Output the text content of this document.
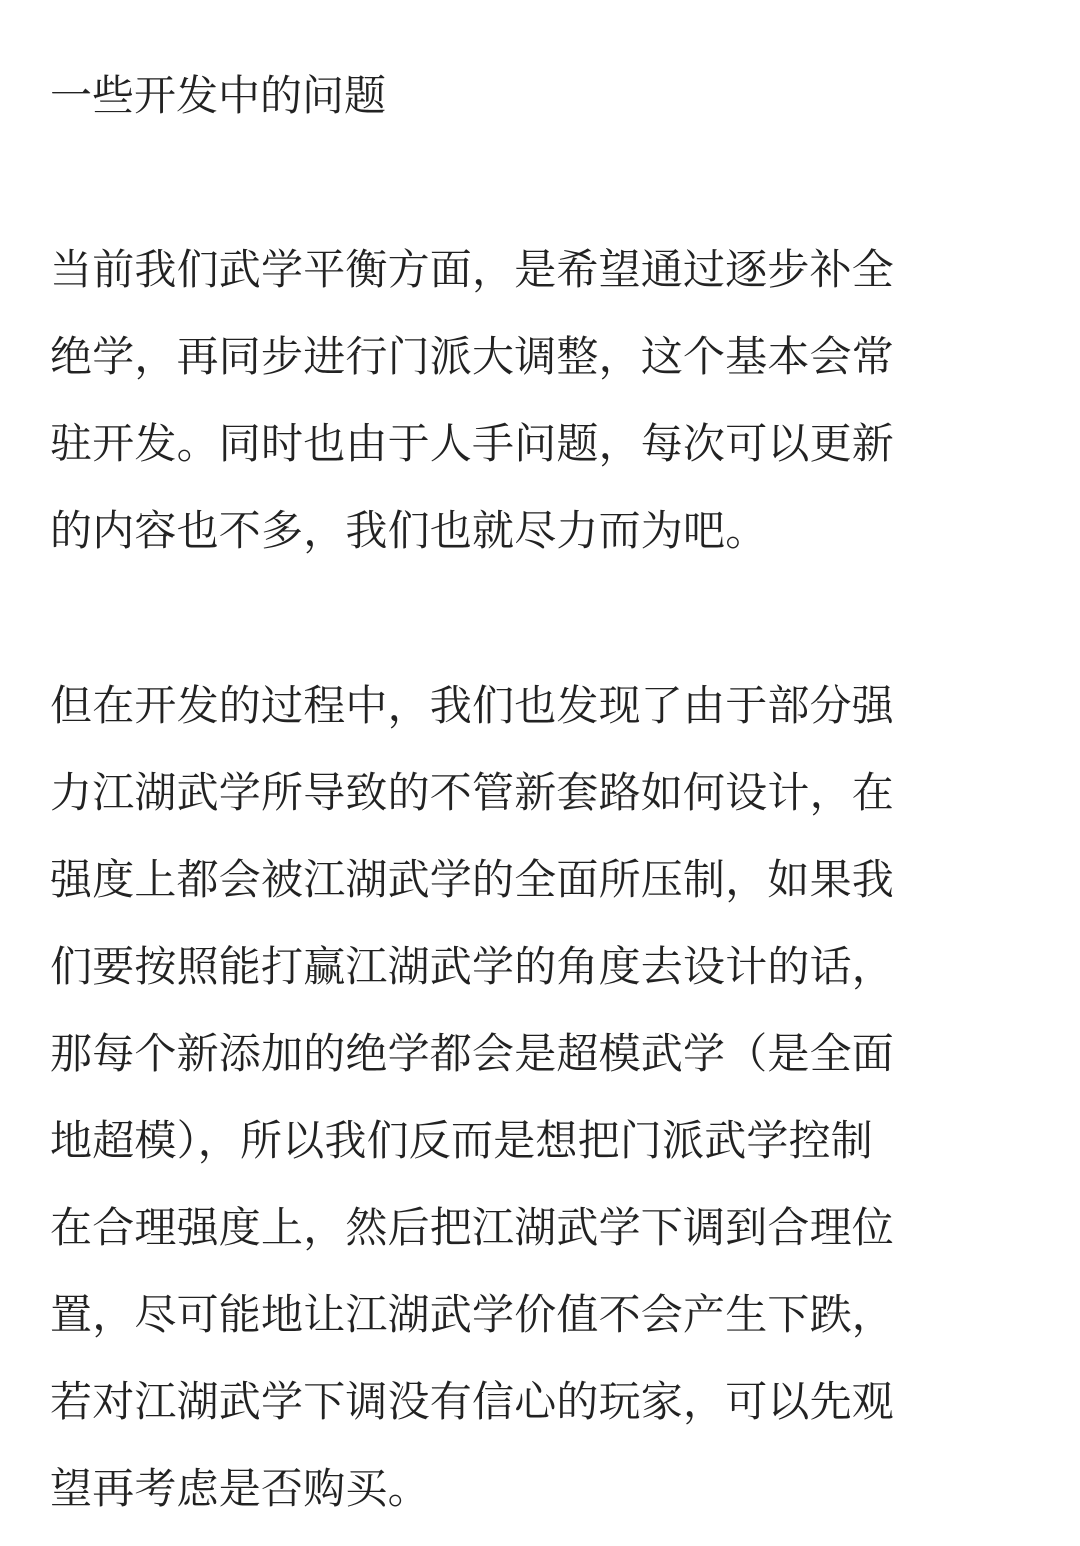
一些开发中的问题
当前我们武学平衡方面，是希望通过逐步补全
绝学，再同步进行门派大调整，这个基本会常
驻开发。同时也由于人手问题，每次可以更新
的内容也不多，我们也就尽力而为吧。
但在开发的过程中，我们也发现了由于部分强
力江湖武学所导致的不管新套路如何设计，在
强度上都会被江湖武学的全面所压制，如果我
们要按照能打赢江湖武学的角度去设计的话，
那每个新添加的绝学都会是超模武学（是全面
地超模），所以我们反而是想把门派武学控制
在合理强度上，然后把江湖武学下调到合理位
置，尽可能地让江湖武学价值不会产生下跌，
若对江湖武学下调没有信心的玩家，可以先观
望再考虑是否购买。
